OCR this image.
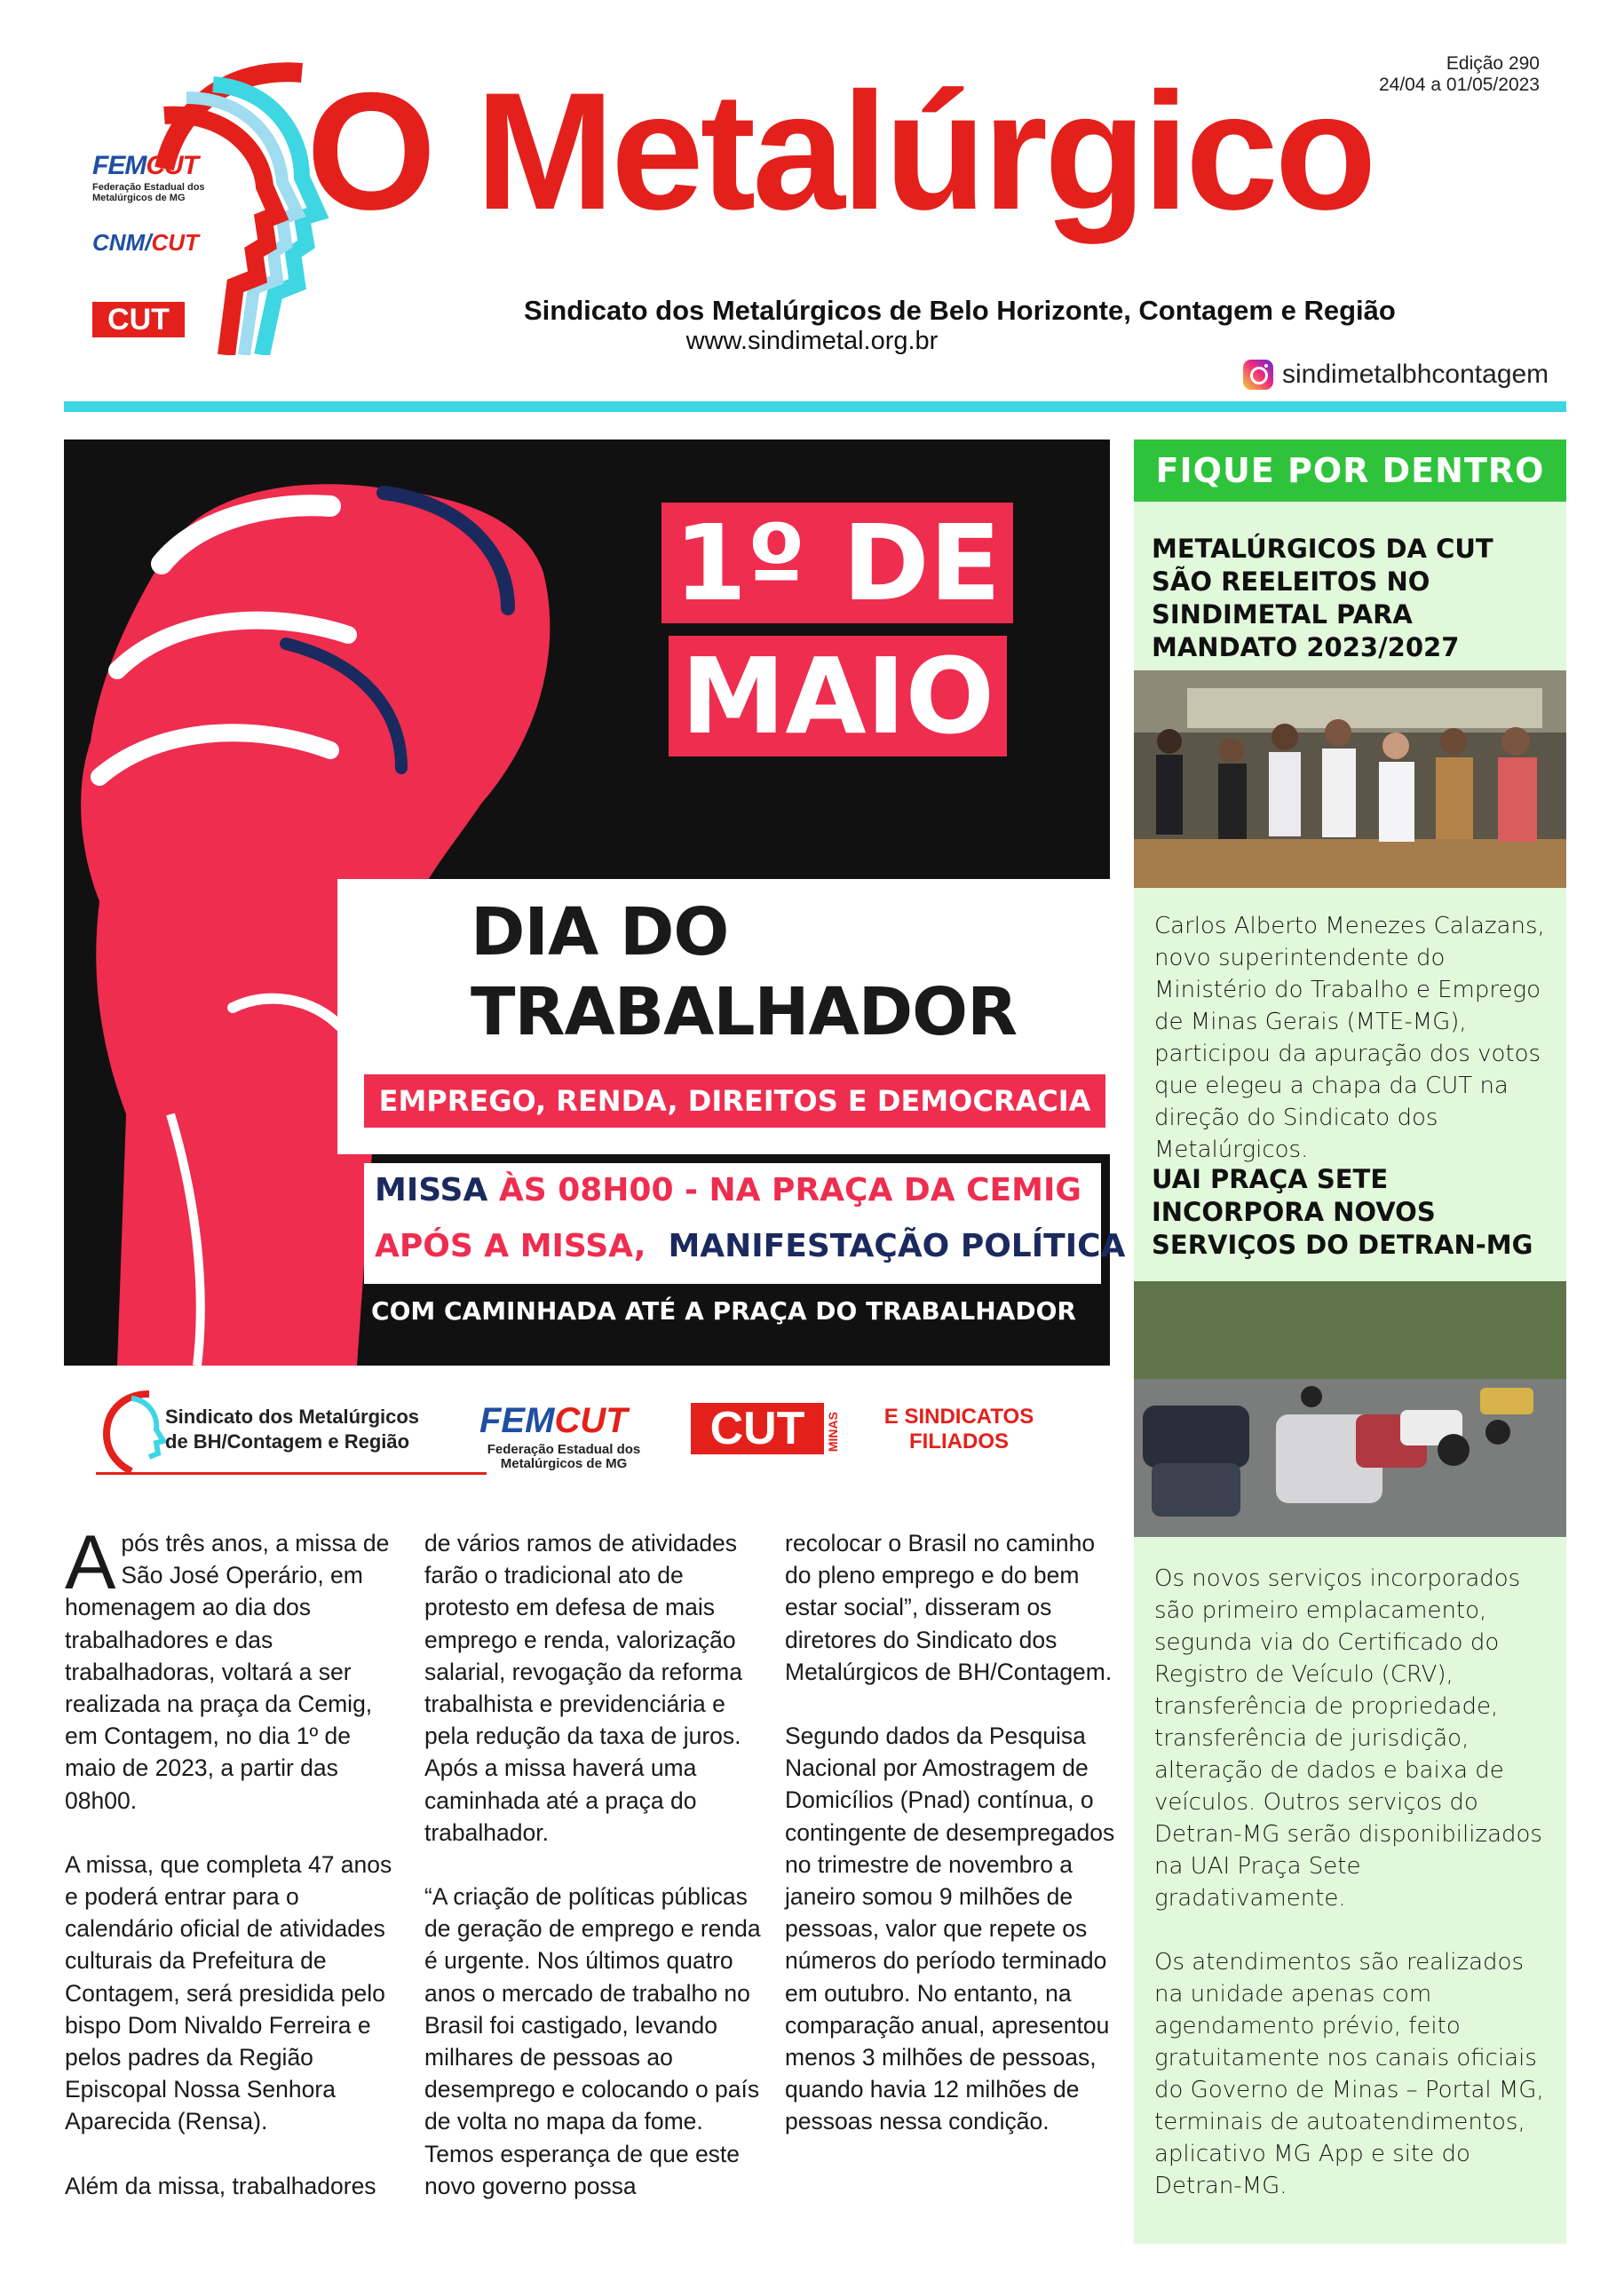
Edição 290
24/04 a 01/05/2023
FEMCUT
Federação Estadual dos Metalúrgicos de MG
CNM/CUT
CUT
O Metalúrgico
Sindicato dos Metalúrgicos de Belo Horizonte, Contagem e Região
www.sindimetal.org.br
sindimetalbhcontagem
1º DE
MAIO
DIA DO
TRABALHADOR
EMPREGO, RENDA, DIREITOS E DEMOCRACIA
MISSA ÀS 08H00 - NA PRAÇA DA CEMIG
APÓS A MISSA, MANIFESTAÇÃO POLÍTICA
COM CAMINHADA ATÉ A PRAÇA DO TRABALHADOR
Sindicato dos Metalúrgicos
de BH/Contagem e Região
FEMCUT
Federação Estadual dos
Metalúrgicos de MG
CUT	MINAS	E SINDICATOS
FILIADOS

Após três anos, a missa de São José Operário, em homenagem ao dia dos trabalhadores e das trabalhadoras, voltará a ser realizada na praça da Cemig, em Contagem, no dia 1º de maio de 2023, a partir das 08h00.

A missa, que completa 47 anos e poderá entrar para o calendário oficial de atividades culturais da Prefeitura de Contagem, será presidida pelo bispo Dom Nivaldo Ferreira e pelos padres da Região Episcopal Nossa Senhora Aparecida (Rensa).

Além da missa, trabalhadores

de vários ramos de atividades farão o tradicional ato de protesto em defesa de mais emprego e renda, valorização salarial, revogação da reforma trabalhista e previdenciária e pela redução da taxa de juros. Após a missa haverá uma caminhada até a praça do trabalhador.

“A criação de políticas públicas de geração de emprego e renda é urgente. Nos últimos quatro anos o mercado de trabalho no Brasil foi castigado, levando milhares de pessoas ao desemprego e colocando o país de volta no mapa da fome. Temos esperança de que este novo governo possa

recolocar o Brasil no caminho do pleno emprego e do bem estar social”, disseram os diretores do Sindicato dos Metalúrgicos de BH/Contagem.

Segundo dados da Pesquisa Nacional por Amostragem de Domicílios (Pnad) contínua, o contingente de desempregados no trimestre de novembro a janeiro somou 9 milhões de pessoas, valor que repete os números do período terminado em outubro. No entanto, na comparação anual, apresentou menos 3 milhões de pessoas, quando havia 12 milhões de pessoas nessa condição.

FIQUE POR DENTRO
METALÚRGICOS DA CUT SÃO REELEITOS NO SINDIMETAL PARA MANDATO 2023/2027
Carlos Alberto Menezes Calazans, novo superintendente do Ministério do Trabalho e Emprego de Minas Gerais (MTE-MG), participou da apuração dos votos que elegeu a chapa da CUT na direção do Sindicato dos Metalúrgicos.
UAI PRAÇA SETE INCORPORA NOVOS SERVIÇOS DO DETRAN-MG

Os novos serviços incorporados são primeiro emplacamento, segunda via do Certificado do Registro de Veículo (CRV), transferência de propriedade, transferência de jurisdição, alteração de dados e baixa de veículos. Outros serviços do Detran-MG serão disponibilizados na UAI Praça Sete gradativamente.

Os atendimentos são realizados na unidade apenas com agendamento prévio, feito gratuitamente nos canais oficiais do Governo de Minas – Portal MG, terminais de autoatendimentos, aplicativo MG App e site do Detran-MG.
